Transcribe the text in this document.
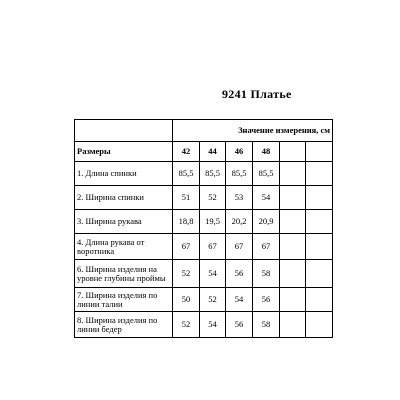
9241 Платье
	Значение измерения, см					
Размеры	42	44	46	48		
1. Длина спинки	85,5	85,5	85,5	85,5		
2. Ширина спинки	51	52	53	54		
3. Ширина рукава	18,8	19,5	20,2	20,9		
4. Длина рукава от воротника	67	67	67	67		
6. Ширина изделия на уровне глубины проймы	52	54	56	58		
7. Ширина изделия по линии талии	50	52	54	56		
8. Ширина изделия по линии бедер	52	54	56	58		
